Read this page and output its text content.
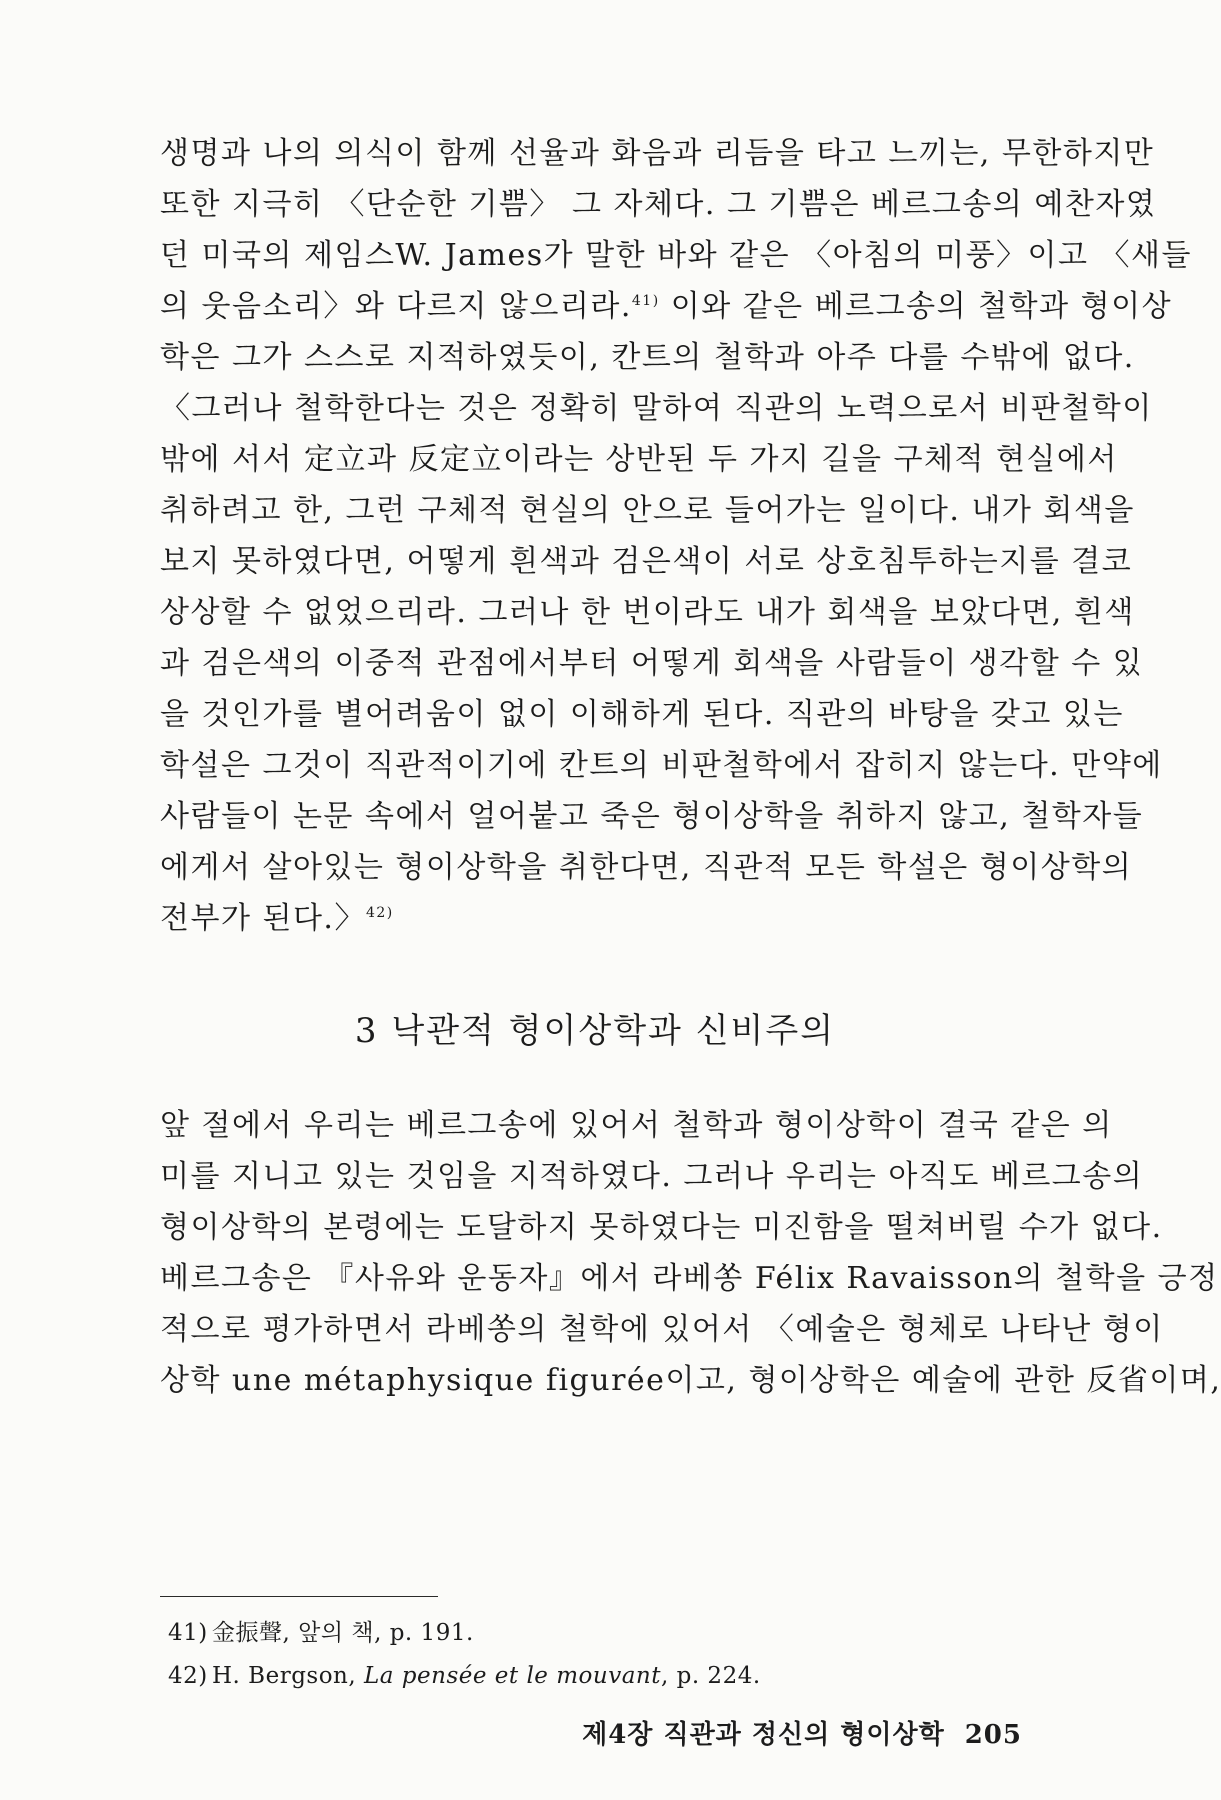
생명과 나의 의식이 함께 선율과 화음과 리듬을 타고 느끼는, 무한하지만
또한 지극히 〈단순한 기쁨〉 그 자체다. 그 기쁨은 베르그송의 예찬자였
던 미국의 제임스W. James가 말한 바와 같은 〈아침의 미풍〉이고 〈새들
의 웃음소리〉와 다르지 않으리라.$^{41)}$ 이와 같은 베르그송의 철학과 형이상
학은 그가 스스로 지적하였듯이, 칸트의 철학과 아주 다를 수밖에 없다.
〈그러나 철학한다는 것은 정확히 말하여 직관의 노력으로서 비판철학이
밖에 서서 定立과 反定立이라는 상반된 두 가지 길을 구체적 현실에서
취하려고 한, 그런 구체적 현실의 안으로 들어가는 일이다. 내가 회색을
보지 못하였다면, 어떻게 흰색과 검은색이 서로 상호침투하는지를 결코
상상할 수 없었으리라. 그러나 한 번이라도 내가 회색을 보았다면, 흰색
과 검은색의 이중적 관점에서부터 어떻게 회색을 사람들이 생각할 수 있
을 것인가를 별어려움이 없이 이해하게 된다. 직관의 바탕을 갖고 있는
학설은 그것이 직관적이기에 칸트의 비판철학에서 잡히지 않는다. 만약에
사람들이 논문 속에서 얼어붙고 죽은 형이상학을 취하지 않고, 철학자들
에게서 살아있는 형이상학을 취한다면, 직관적 모든 학설은 형이상학의
전부가 된다.〉$^{42)}$
3 낙관적 형이상학과 신비주의
앞 절에서 우리는 베르그송에 있어서 철학과 형이상학이 결국 같은 의
미를 지니고 있는 것임을 지적하였다. 그러나 우리는 아직도 베르그송의
형이상학의 본령에는 도달하지 못하였다는 미진함을 떨쳐버릴 수가 없다.
베르그송은 『사유와 운동자』에서 라베쏭 Félix Ravaisson의 철학을 긍정
적으로 평가하면서 라베쏭의 철학에 있어서 〈예술은 형체로 나타난 형이
상학 une métaphysique figurée이고, 형이상학은 예술에 관한 反省이며,
41) 金振聲, 앞의 책, p. 191.
42) H. Bergson, La pensée et le mouvant, p. 224.
제4장 직관과 정신의 형이상학 205
